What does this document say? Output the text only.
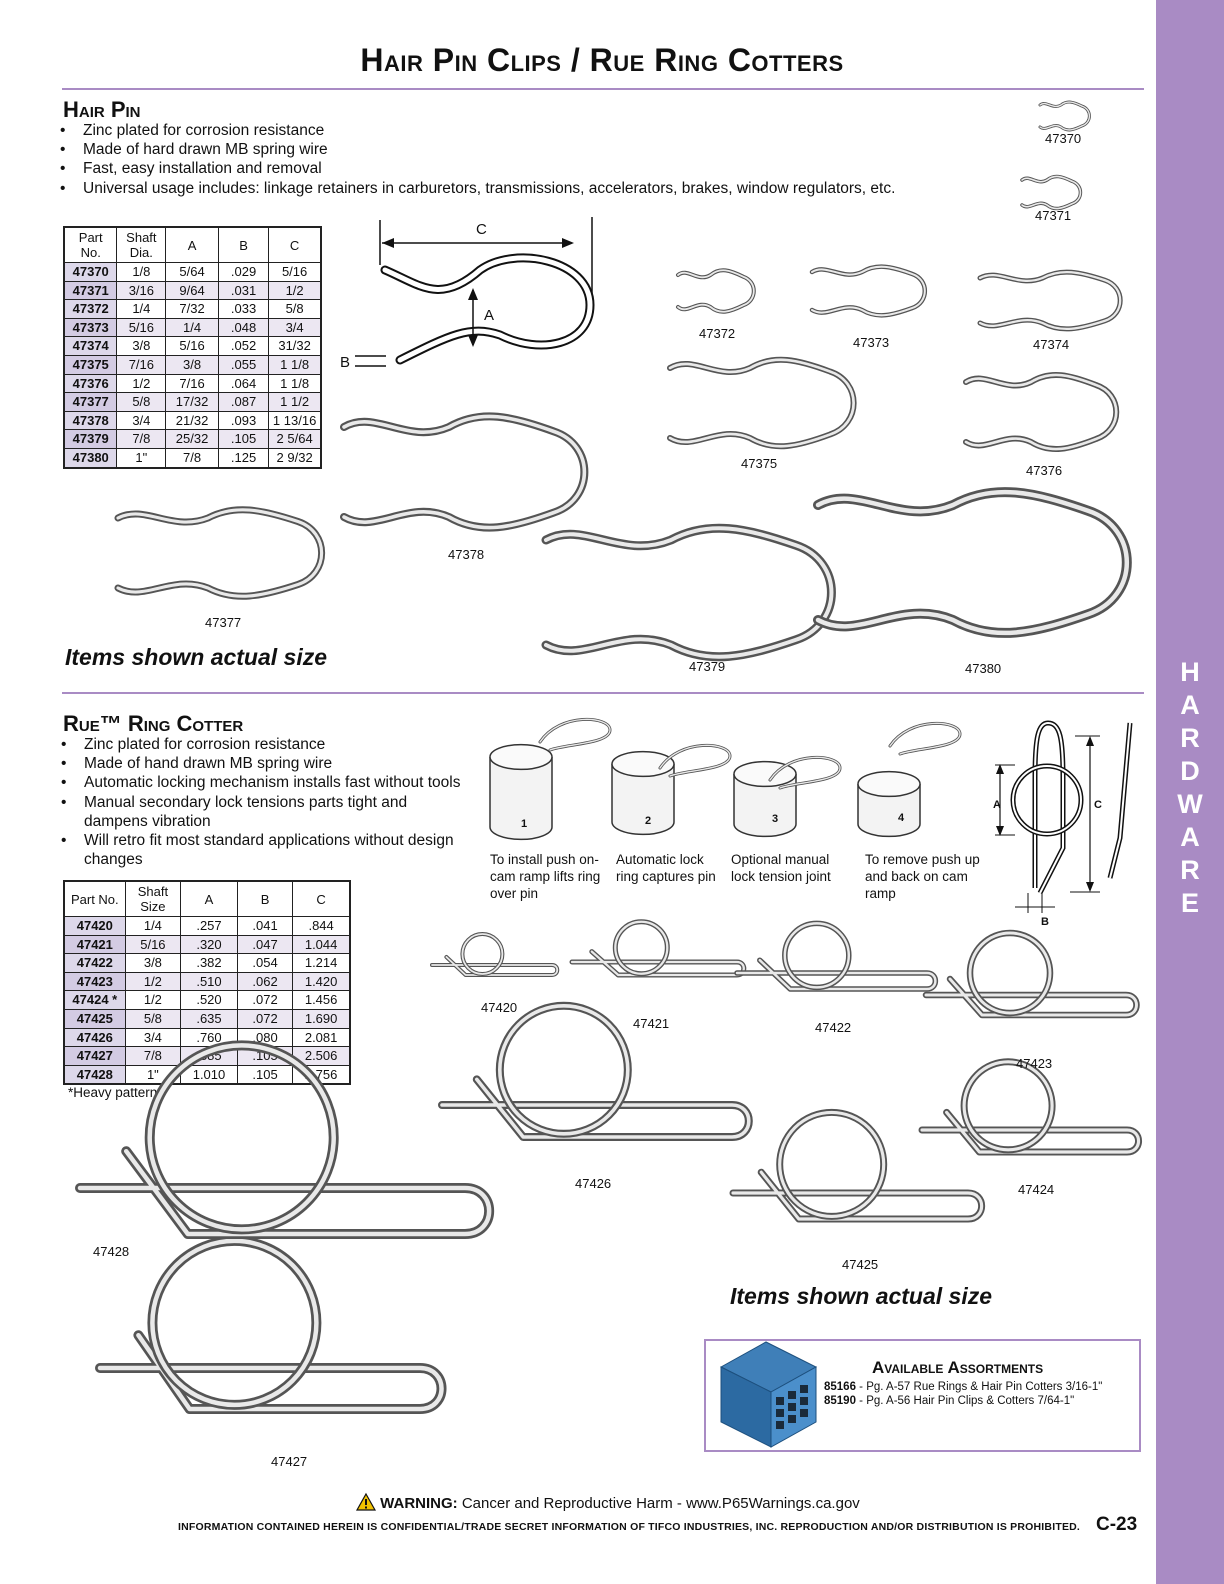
H
A
R
D
W
A
R
E
Hair Pin Clips / Rue Ring Cotters
Hair Pin
• Zinc plated for corrosion resistance
• Made of hard drawn MB spring wire
• Fast, easy installation and removal
• Universal usage includes: linkage retainers in carburetors, transmissions, accelerators, brakes, window regulators, etc.
Part No.	Shaft Dia.	A	B	C
47370	1/8	5/64	.029	5/16
47371	3/16	9/64	.031	1/2
47372	1/4	7/32	.033	5/8
47373	5/16	1/4	.048	3/4
47374	3/8	5/16	.052	31/32
47375	7/16	3/8	.055	1 1/8
47376	1/2	7/16	.064	1 1/8
47377	5/8	17/32	.087	1 1/2
47378	3/4	21/32	.093	1 13/16
47379	7/8	25/32	.105	2 5/64
47380	1"	7/8	.125	2 9/32
C
A
B
47370
47371
47372
47373	47374
47375	47376
47377
47378
47379	47380
Items shown actual size
Rue™ Ring Cotter
• Zinc plated for corrosion resistance
• Made of hand drawn MB spring wire
• Automatic locking mechanism installs fast without tools
• Manual secondary lock tensions parts tight and dampens vibration
• Will retro fit most standard applications without design changes
Part No.	Shaft Size	A	B	C
47420	1/4	.257	.041	.844
47421	5/16	.320	.047	1.044
47422	3/8	.382	.054	1.214
47423	1/2	.510	.062	1.420
47424 *	1/2	.520	.072	1.456
47425	5/8	.635	.072	1.690
47426	3/4	.760	.080	2.081
47427	7/8	.885	.105	2.506
47428	1"	1.010	.105	2.756
*Heavy pattern
To install push on-cam ramp lifts ring over pin
Automatic lock ring captures pin
Optional manual lock tension joint
To remove push up and back on cam ramp
1	2	3	4
A	C
B
47420
47421	47422
47423
47424
47425
47426
47427
47428
Items shown actual size
Available Assortments
85166 - Pg. A-57 Rue Rings & Hair Pin Cotters 3/16-1"
85190 - Pg. A-56 Hair Pin Clips & Cotters 7/64-1"
WARNING: Cancer and Reproductive Harm - www.P65Warnings.ca.gov
INFORMATION CONTAINED HEREIN IS CONFIDENTIAL/TRADE SECRET INFORMATION OF TIFCO INDUSTRIES, INC. REPRODUCTION AND/OR DISTRIBUTION IS PROHIBITED. C-23
